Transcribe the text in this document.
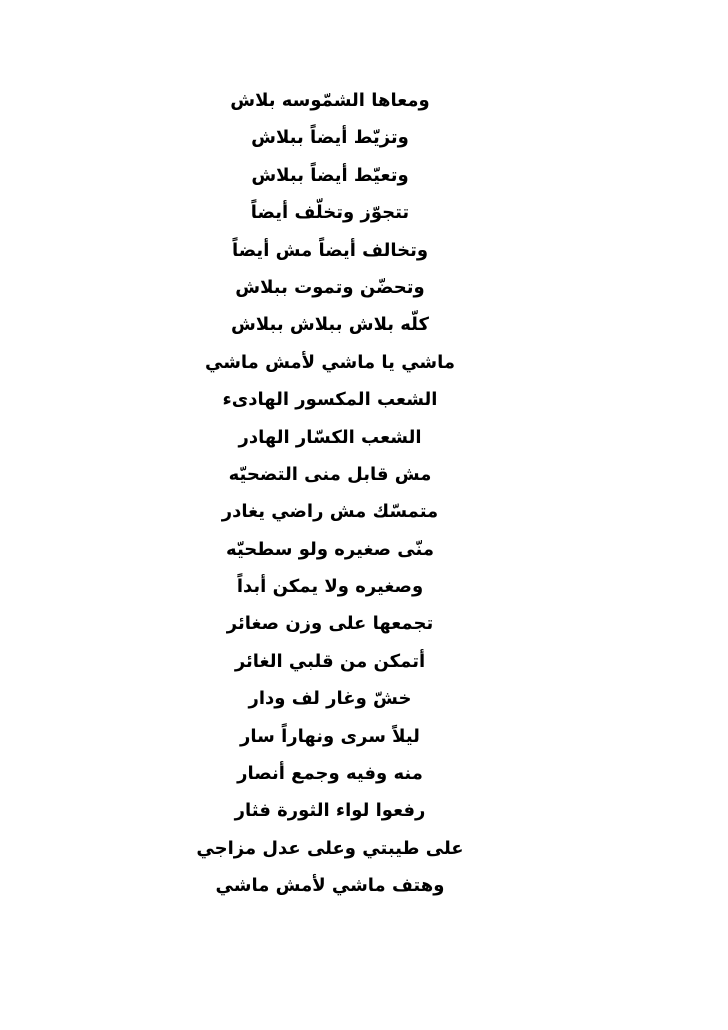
ومعاها الشمّوسه بلاش
وتزيّط أيضاً ببلاش
وتعيّط أيضاً ببلاش
تتجوّز وتخلّف أيضاً
وتخالف أيضاً مش أيضاً
وتحضّن وتموت ببلاش
كلّه بلاش ببلاش ببلاش
ماشي يا ماشي لأمش ماشي
الشعب المكسور الهادىء
الشعب الكسّار الهادر
مش قابل منى التضحيّه
متمسّك مش راضي يغادر
منّى صغيره ولو سطحيّه
وصغيره ولا يمكن أبداً
تجمعها على وزن صغائر
أتمكن من قلبي الغائر
خشّ وغار لف ودار
ليلاً سرى ونهاراً سار
منه وفيه وجمع أنصار
رفعوا لواء الثورة فثار
على طيبتي وعلى عدل مزاجي
وهتف ماشي لأمش ماشي
